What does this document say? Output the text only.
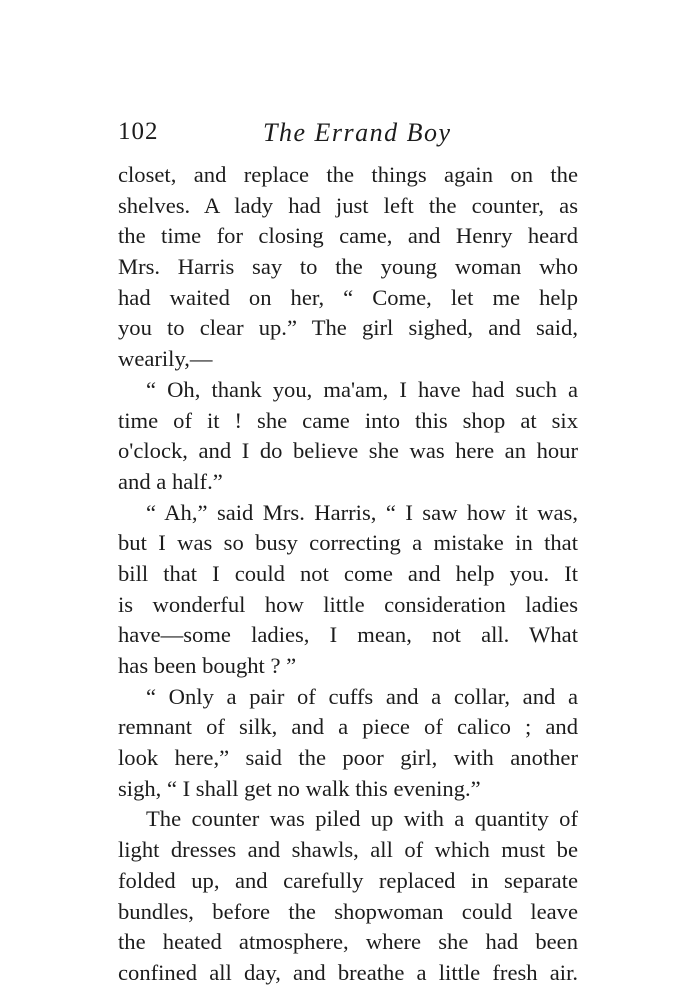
102	The Errand Boy
closet, and replace the things again on the
shelves. A lady had just left the counter, as
the time for closing came, and Henry heard
Mrs. Harris say to the young woman who
had waited on her, “ Come, let me help
you to clear up.” The girl sighed, and said,
wearily,—
“ Oh, thank you, ma'am, I have had such a
time of it ! she came into this shop at six
o'clock, and I do believe she was here an hour
and a half.”
“ Ah,” said Mrs. Harris, “ I saw how it was,
but I was so busy correcting a mistake in that
bill that I could not come and help you. It
is wonderful how little consideration ladies
have—some ladies, I mean, not all. What
has been bought ? ”
“ Only a pair of cuffs and a collar, and a
remnant of silk, and a piece of calico ; and
look here,” said the poor girl, with another
sigh, “ I shall get no walk this evening.”
The counter was piled up with a quantity of
light dresses and shawls, all of which must be
folded up, and carefully replaced in separate
bundles, before the shopwoman could leave
the heated atmosphere, where she had been
confined all day, and breathe a little fresh air.
